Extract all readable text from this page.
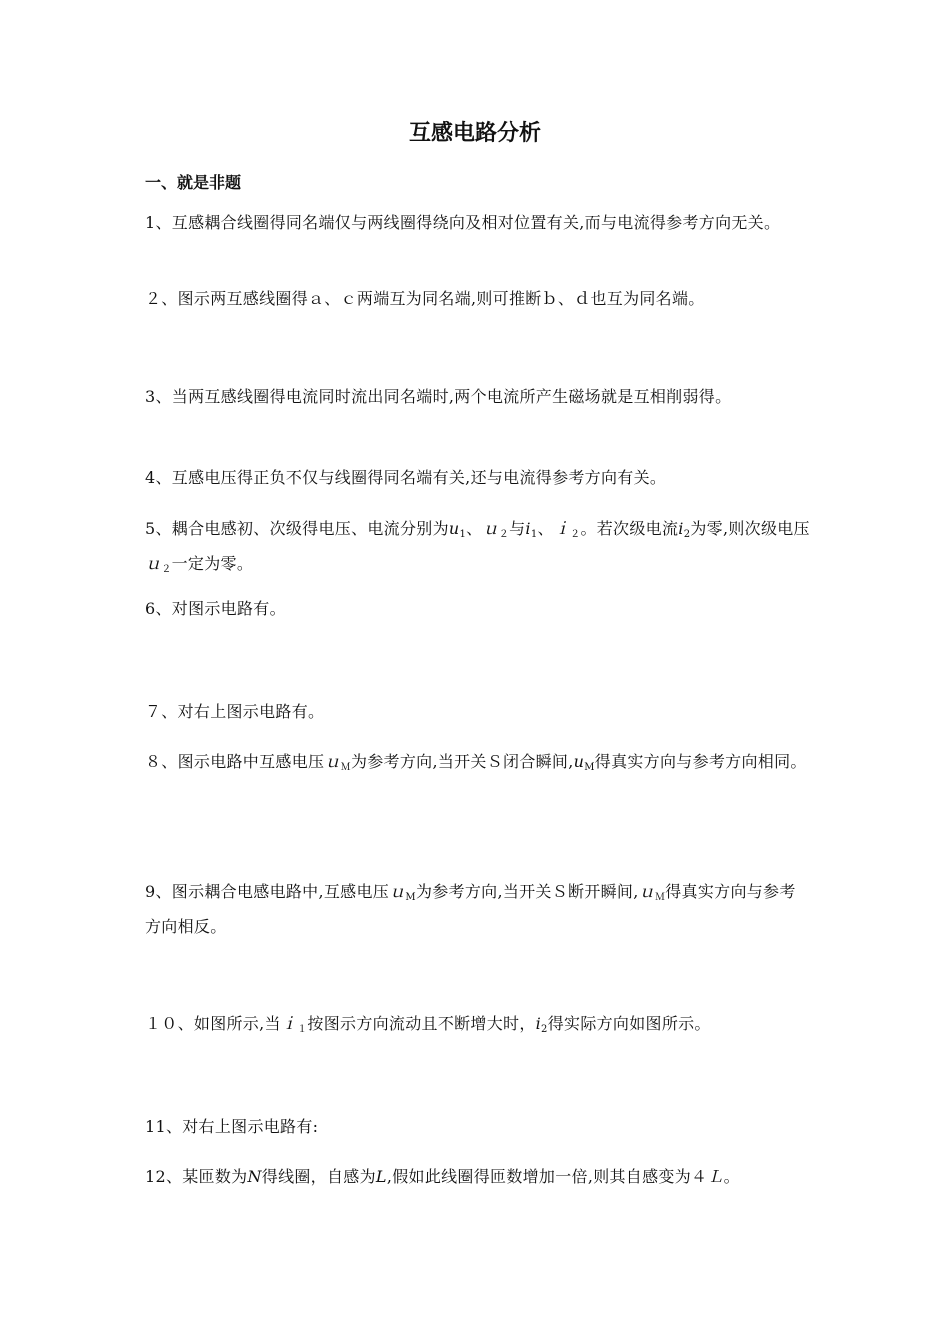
互感电路分析
一、就是非题
1、互感耦合线圈得同名端仅与两线圈得绕向及相对位置有关,而与电流得参考方向无关。
２、图示两互感线圈得ａ、ｃ两端互为同名端,则可推断ｂ、ｄ也互为同名端。
3、当两互感线圈得电流同时流出同名端时,两个电流所产生磁场就是互相削弱得。
4、互感电压得正负不仅与线圈得同名端有关,还与电流得参考方向有关。
5、耦合电感初、次级得电压、电流分别为$u_1$、ｕ$_2$与$i_1$、ｉ$_2$。若次级电流$i_2$为零,则次级电压ｕ$_2$一定为零。
6、对图示电路有。
７、对右上图示电路有。
８、图示电路中互感电压ｕ$_M$为参考方向,当开关Ｓ闭合瞬间$,u_M$得真实方向与参考方向相同。
9、图示耦合电感电路中,互感电压ｕ$_M$为参考方向,当开关Ｓ断开瞬间,ｕ$_M$得真实方向与参考方向相反。
１０、如图所示,当ｉ$_1$按图示方向流动且不断增大时，$i_2$得实际方向如图所示。
11、对右上图示电路有:
12、某匝数为N得线圈，自感为L,假如此线圈得匝数增加一倍,则其自感变为４Ｌ。
